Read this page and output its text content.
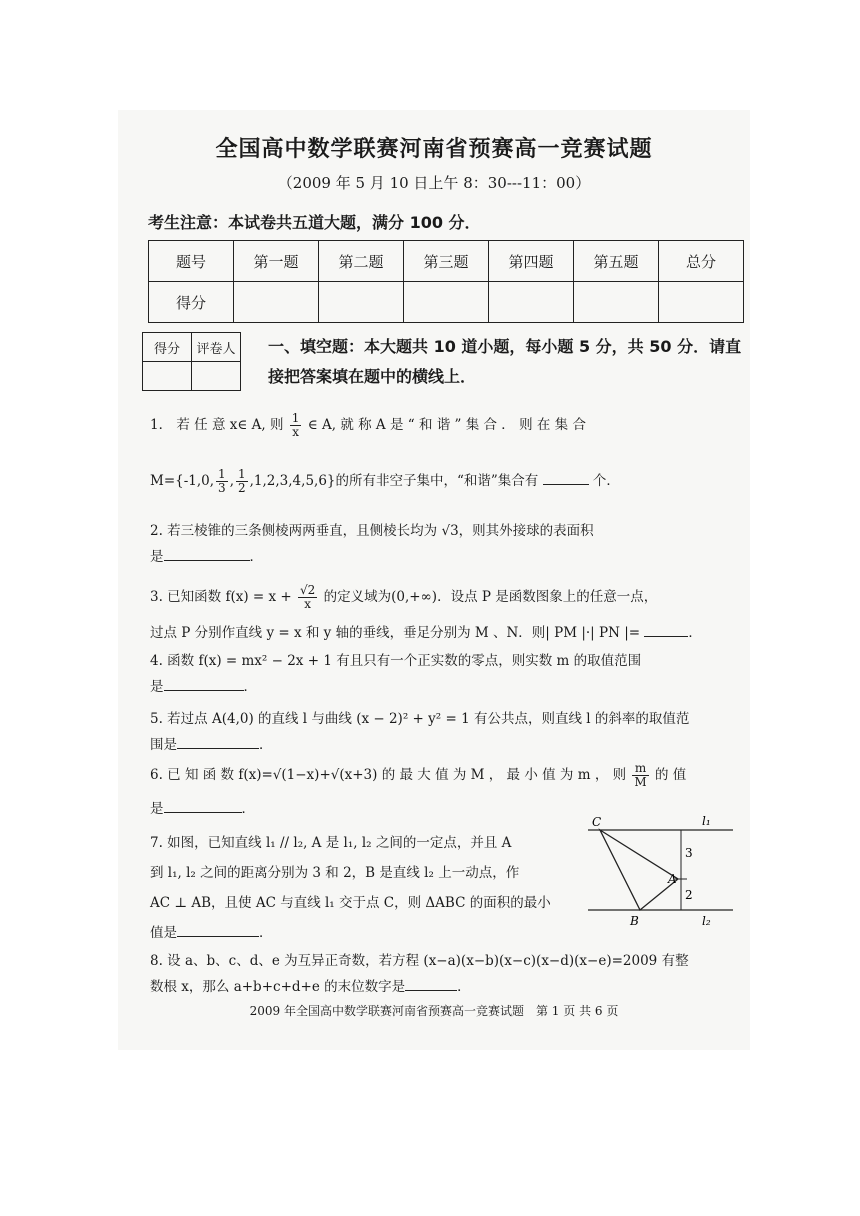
全国高中数学联赛河南省预赛高一竞赛试题
（2009 年 5 月 10 日上午 8：30---11：00）
考生注意：本试卷共五道大题，满分 100 分．
题号	第一题	第二题	第三题	第四题	第五题	总分
得分						
得分	评卷人
	一、填空题：本大题共 10 道小题，每小题 5 分，共 50 分．请直接把答案填在题中的横线上．
1． 若 任 意 x∈ A, 则 $\frac{1}{x}$ ∈ A, 就 称 A 是 “ 和 谐 ” 集 合 ． 则 在 集 合
M={-1,0, $\frac{1}{3}$ , $\frac{1}{2} ,1,2,3,4,5,6$}的所有非空子集中，“和谐”集合有	个．
2. 若三棱锥的三条侧棱两两垂直，且侧棱长均为 √3，则其外接球的表面积
是	．
3. 已知函数 $f(x) = x + \frac{√2}{x}$ 的定义域为(0,+∞)．设点 P 是函数图象上的任意一点，
过点 P 分别作直线 y = x 和 y 轴的垂线，垂足分别为 M 、N．则| PM |·| PN |=	．
4. 函数 f(x) = mx² − 2x + 1 有且只有一个正实数的零点，则实数 m 的取值范围
是	．
5. 若过点 A(4,0) 的直线 l 与曲线 (x − 2)² + y² = 1 有公共点，则直线 l 的斜率的取值范
围是	．
6. 已 知 函 数 f(x)=√(1−x)+√(x+3) 的 最 大 值 为 M ， 最 小 值 为 m ， 则 $\frac{m}{M}$ 的 值
是	．
7. 如图，已知直线 l₁ // l₂, A 是 l₁, l₂ 之间的一定点，并且 A
到 l₁, l₂ 之间的距离分别为 3 和 2，B 是直线 l₂ 上一动点，作
AC ⊥ AB，且使 AC 与直线 l₁ 交于点 C，则 ΔABC 的面积的最小
值是	．
C	l₁
A
3
2
B	l₂
8. 设 a、b、c、d、e 为互异正奇数，若方程 (x−a)(x−b)(x−c)(x−d)(x−e)=2009 有整
数根 x，那么 a+b+c+d+e 的末位数字是	．
2009 年全国高中数学联赛河南省预赛高一竞赛试题　第 1 页 共 6 页
